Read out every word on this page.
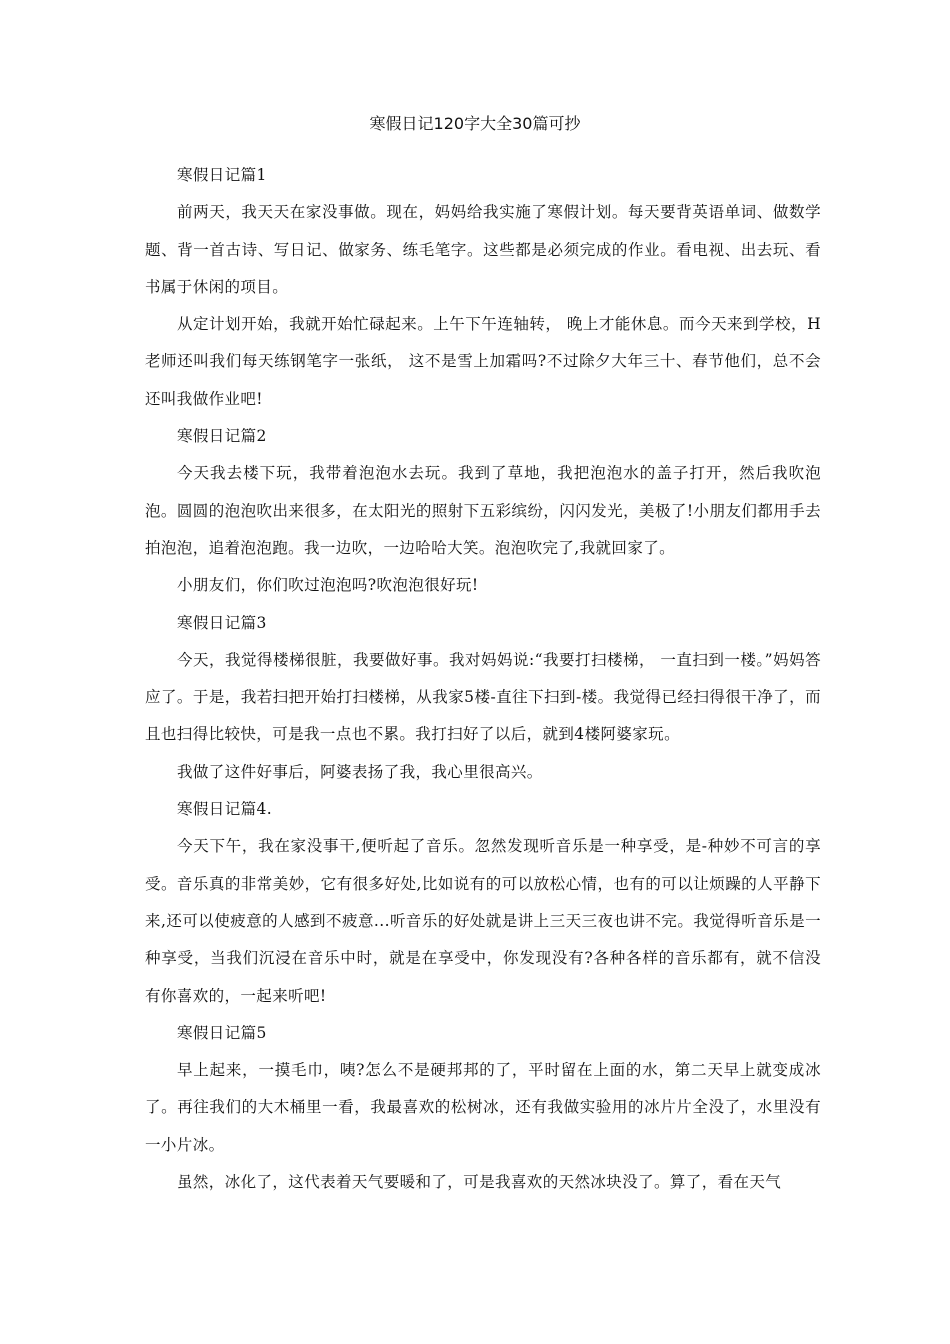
寒假日记120字大全30篇可抄

寒假日记篇1

前两天，我天天在家没事做。现在，妈妈给我实施了寒假计划。每天要背英语单词、做数学题、背一首古诗、写日记、做家务、练毛笔字。这些都是必须完成的作业。看电视、出去玩、看书属于休闲的项目。

从定计划开始，我就开始忙碌起来。上午下午连轴转， 晚上才能休息。而今天来到学校，H老师还叫我们每天练钢笔字一张纸， 这不是雪上加霜吗?不过除夕大年三十、春节他们，总不会还叫我做作业吧!

寒假日记篇2

今天我去楼下玩，我带着泡泡水去玩。我到了草地，我把泡泡水的盖子打开，然后我吹泡泡。圆圆的泡泡吹出来很多，在太阳光的照射下五彩缤纷，闪闪发光，美极了!小朋友们都用手去拍泡泡，追着泡泡跑。我一边吹，一边哈哈大笑。泡泡吹完了,我就回家了。

小朋友们，你们吹过泡泡吗?吹泡泡很好玩!

寒假日记篇3

今天，我觉得楼梯很脏，我要做好事。我对妈妈说:“我要打扫楼梯， 一直扫到一楼。”妈妈答应了。于是，我若扫把开始打扫楼梯，从我家5楼-直往下扫到-楼。我觉得已经扫得很干净了，而且也扫得比较快，可是我一点也不累。我打扫好了以后，就到4楼阿婆家玩。

我做了这件好事后，阿婆表扬了我，我心里很高兴。

寒假日记篇4.

今天下午，我在家没事干,便听起了音乐。忽然发现听音乐是一种享受，是-种妙不可言的享受。音乐真的非常美妙，它有很多好处,比如说有的可以放松心情，也有的可以让烦躁的人平静下来,还可以使疲意的人感到不疲意...听音乐的好处就是讲上三天三夜也讲不完。我觉得听音乐是一种享受，当我们沉浸在音乐中时，就是在享受中，你发现没有?各种各样的音乐都有，就不信没有你喜欢的，一起来听吧!

寒假日记篇5

早上起来，一摸毛巾，咦?怎么不是硬邦邦的了，平时留在上面的水，第二天早上就变成冰了。再往我们的大木桶里一看，我最喜欢的松树冰，还有我做实验用的冰片片全没了，水里没有一小片冰。

虽然，冰化了，这代表着天气要暖和了，可是我喜欢的天然冰块没了。算了，看在天气
